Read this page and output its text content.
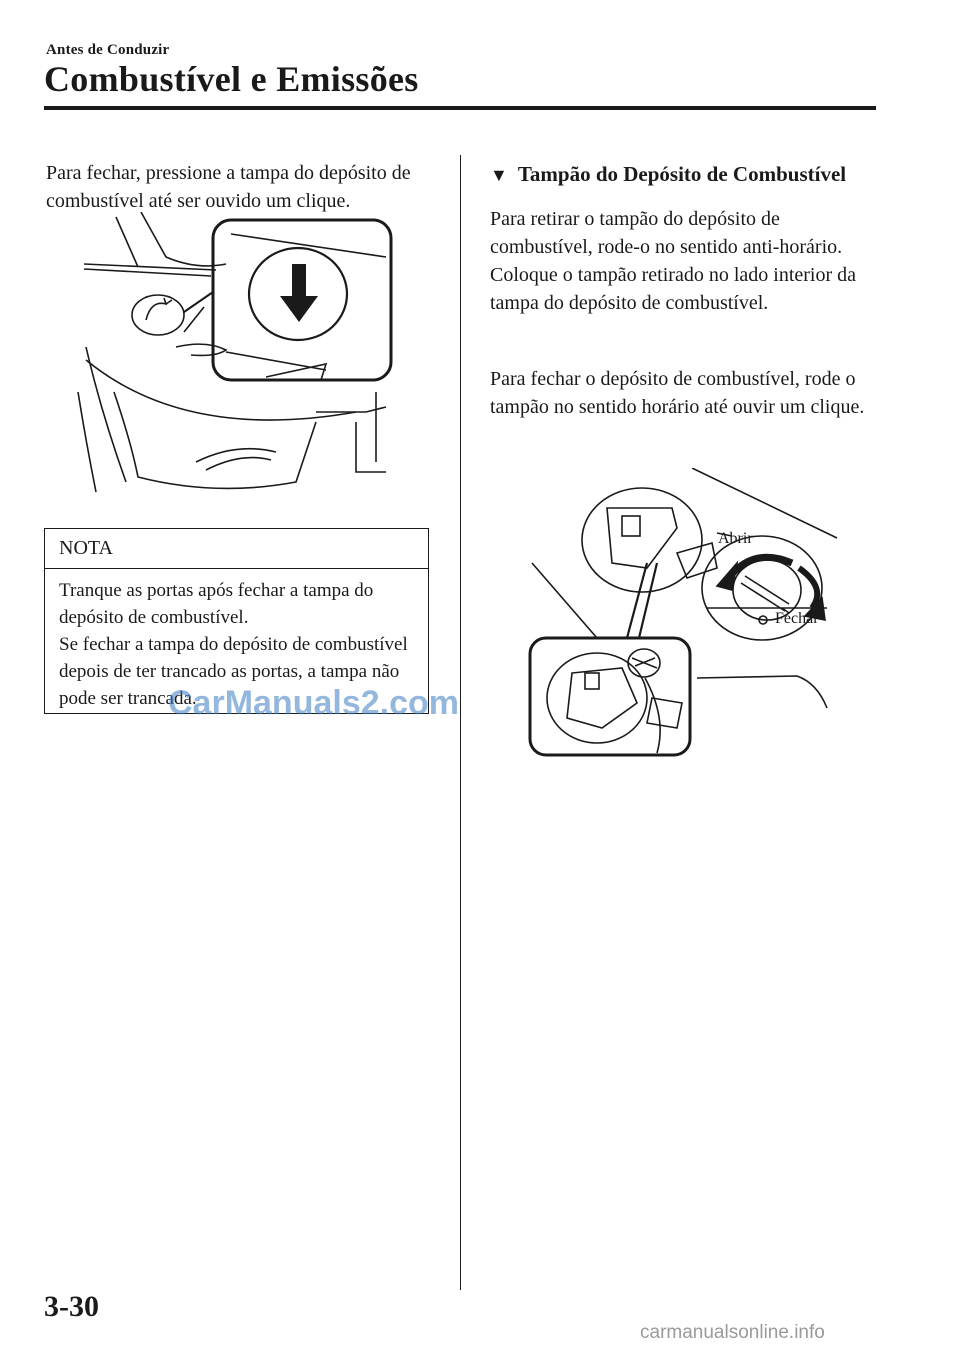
Antes de Conduzir
Combustível e Emissões

Para fechar, pressione a tampa do depósito de combustível até ser ouvido um clique.

NOTA

Tranque as portas após fechar a tampa do depósito de combustível.

Se fechar a tampa do depósito de combustível depois de ter trancado as portas, a tampa não pode ser trancada.

CarManuals2.com
▼ Tampão do Depósito de Combustível
Para retirar o tampão do depósito de combustível, rode-o no sentido anti-horário.
Coloque o tampão retirado no lado interior da tampa do depósito de combustível.

Para fechar o depósito de combustível, rode o tampão no sentido horário até ouvir um clique.

Abrir
Fechar
3-30
carmanualsonline.info
